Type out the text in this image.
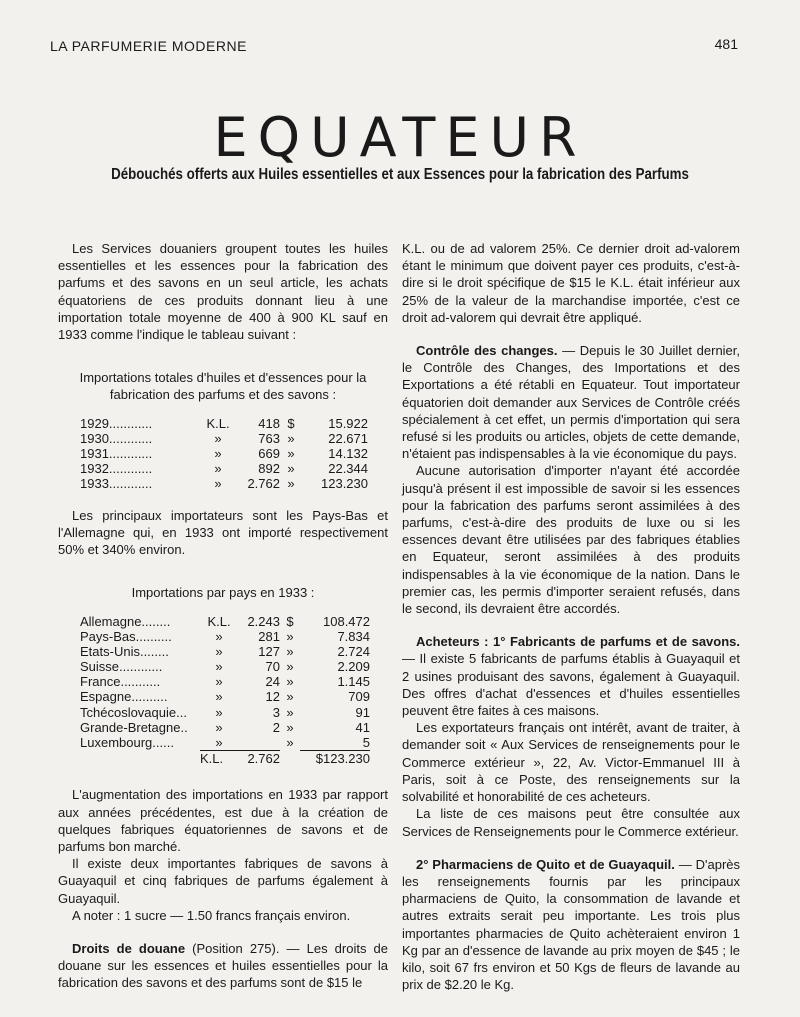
LA PARFUMERIE MODERNE	481
EQUATEUR
Débouchés offerts aux Huiles essentielles et aux Essences pour la fabrication des Parfums

Les Services douaniers groupent toutes les huiles essentielles et les essences pour la fabrication des parfums et des savons en un seul article, les achats équatoriens de ces produits donnant lieu à une importation totale moyenne de 400 à 900 KL sauf en 1933 comme l'indique le tableau suivant :

Importations totales d'huiles et d'essences pour la fabrication des parfums et des savons :

1929............	K.L.	418	$	15.922
1930............	»	763	»	22.671
1931............	»	669	»	14.132
1932............	»	892	»	22.344
1933............	»	2.762	»	123.230

Les principaux importateurs sont les Pays-Bas et l'Allemagne qui, en 1933 ont importé respectivement 50% et 340% environ.

Importations par pays en 1933 :

Allemagne........	K.L.	2.243	$	108.472
Pays-Bas..........	»	281	»	7.834
Etats-Unis........	»	127	»	2.724
Suisse............	»	70	»	2.209
France...........	»	24	»	1.145
Espagne..........	»	12	»	709
Tchécoslovaquie...	»	3	»	91
Grande-Bretagne..	»	2	»	41
Luxembourg......	»		»	5
	K.L.	2.762		$123.230

L'augmentation des importations en 1933 par rapport aux années précédentes, est due à la création de quelques fabriques équatoriennes de savons et de parfums bon marché.

Il existe deux importantes fabriques de savons à Guayaquil et cinq fabriques de parfums également à Guayaquil.

A noter : 1 sucre — 1.50 francs français environ.

Droits de douane (Position 275). — Les droits de douane sur les essences et huiles essentielles pour la fabrication des savons et des parfums sont de $15 le

K.L. ou de ad valorem 25%. Ce dernier droit ad-valorem étant le minimum que doivent payer ces produits, c'est-à-dire si le droit spécifique de $15 le K.L. était inférieur aux 25% de la valeur de la marchandise importée, c'est ce droit ad-valorem qui devrait être appliqué.

Contrôle des changes. — Depuis le 30 Juillet dernier, le Contrôle des Changes, des Importations et des Exportations a été rétabli en Equateur. Tout importateur équatorien doit demander aux Services de Contrôle créés spécialement à cet effet, un permis d'importation qui sera refusé si les produits ou articles, objets de cette demande, n'étaient pas indispensables à la vie économique du pays.

Aucune autorisation d'importer n'ayant été accordée jusqu'à présent il est impossible de savoir si les essences pour la fabrication des parfums seront assimilées à des parfums, c'est-à-dire des produits de luxe ou si les essences devant être utilisées par des fabriques établies en Equateur, seront assimilées à des produits indispensables à la vie économique de la nation. Dans le premier cas, les permis d'importer seraient refusés, dans le second, ils devraient être accordés.

Acheteurs : 1° Fabricants de parfums et de savons. — Il existe 5 fabricants de parfums établis à Guayaquil et 2 usines produisant des savons, également à Guayaquil. Des offres d'achat d'essences et d'huiles essentielles peuvent être faites à ces maisons.

Les exportateurs français ont intérêt, avant de traiter, à demander soit « Aux Services de renseignements pour le Commerce extérieur », 22, Av. Victor-Emmanuel III à Paris, soit à ce Poste, des renseignements sur la solvabilité et honorabilité de ces acheteurs.

La liste de ces maisons peut être consultée aux Services de Renseignements pour le Commerce extérieur.

2° Pharmaciens de Quito et de Guayaquil. — D'après les renseignements fournis par les principaux pharmaciens de Quito, la consommation de lavande et autres extraits serait peu importante. Les trois plus importantes pharmacies de Quito achèteraient environ 1 Kg par an d'essence de lavande au prix moyen de $45 ; le kilo, soit 67 frs environ et 50 Kgs de fleurs de lavande au prix de $2.20 le Kg.
